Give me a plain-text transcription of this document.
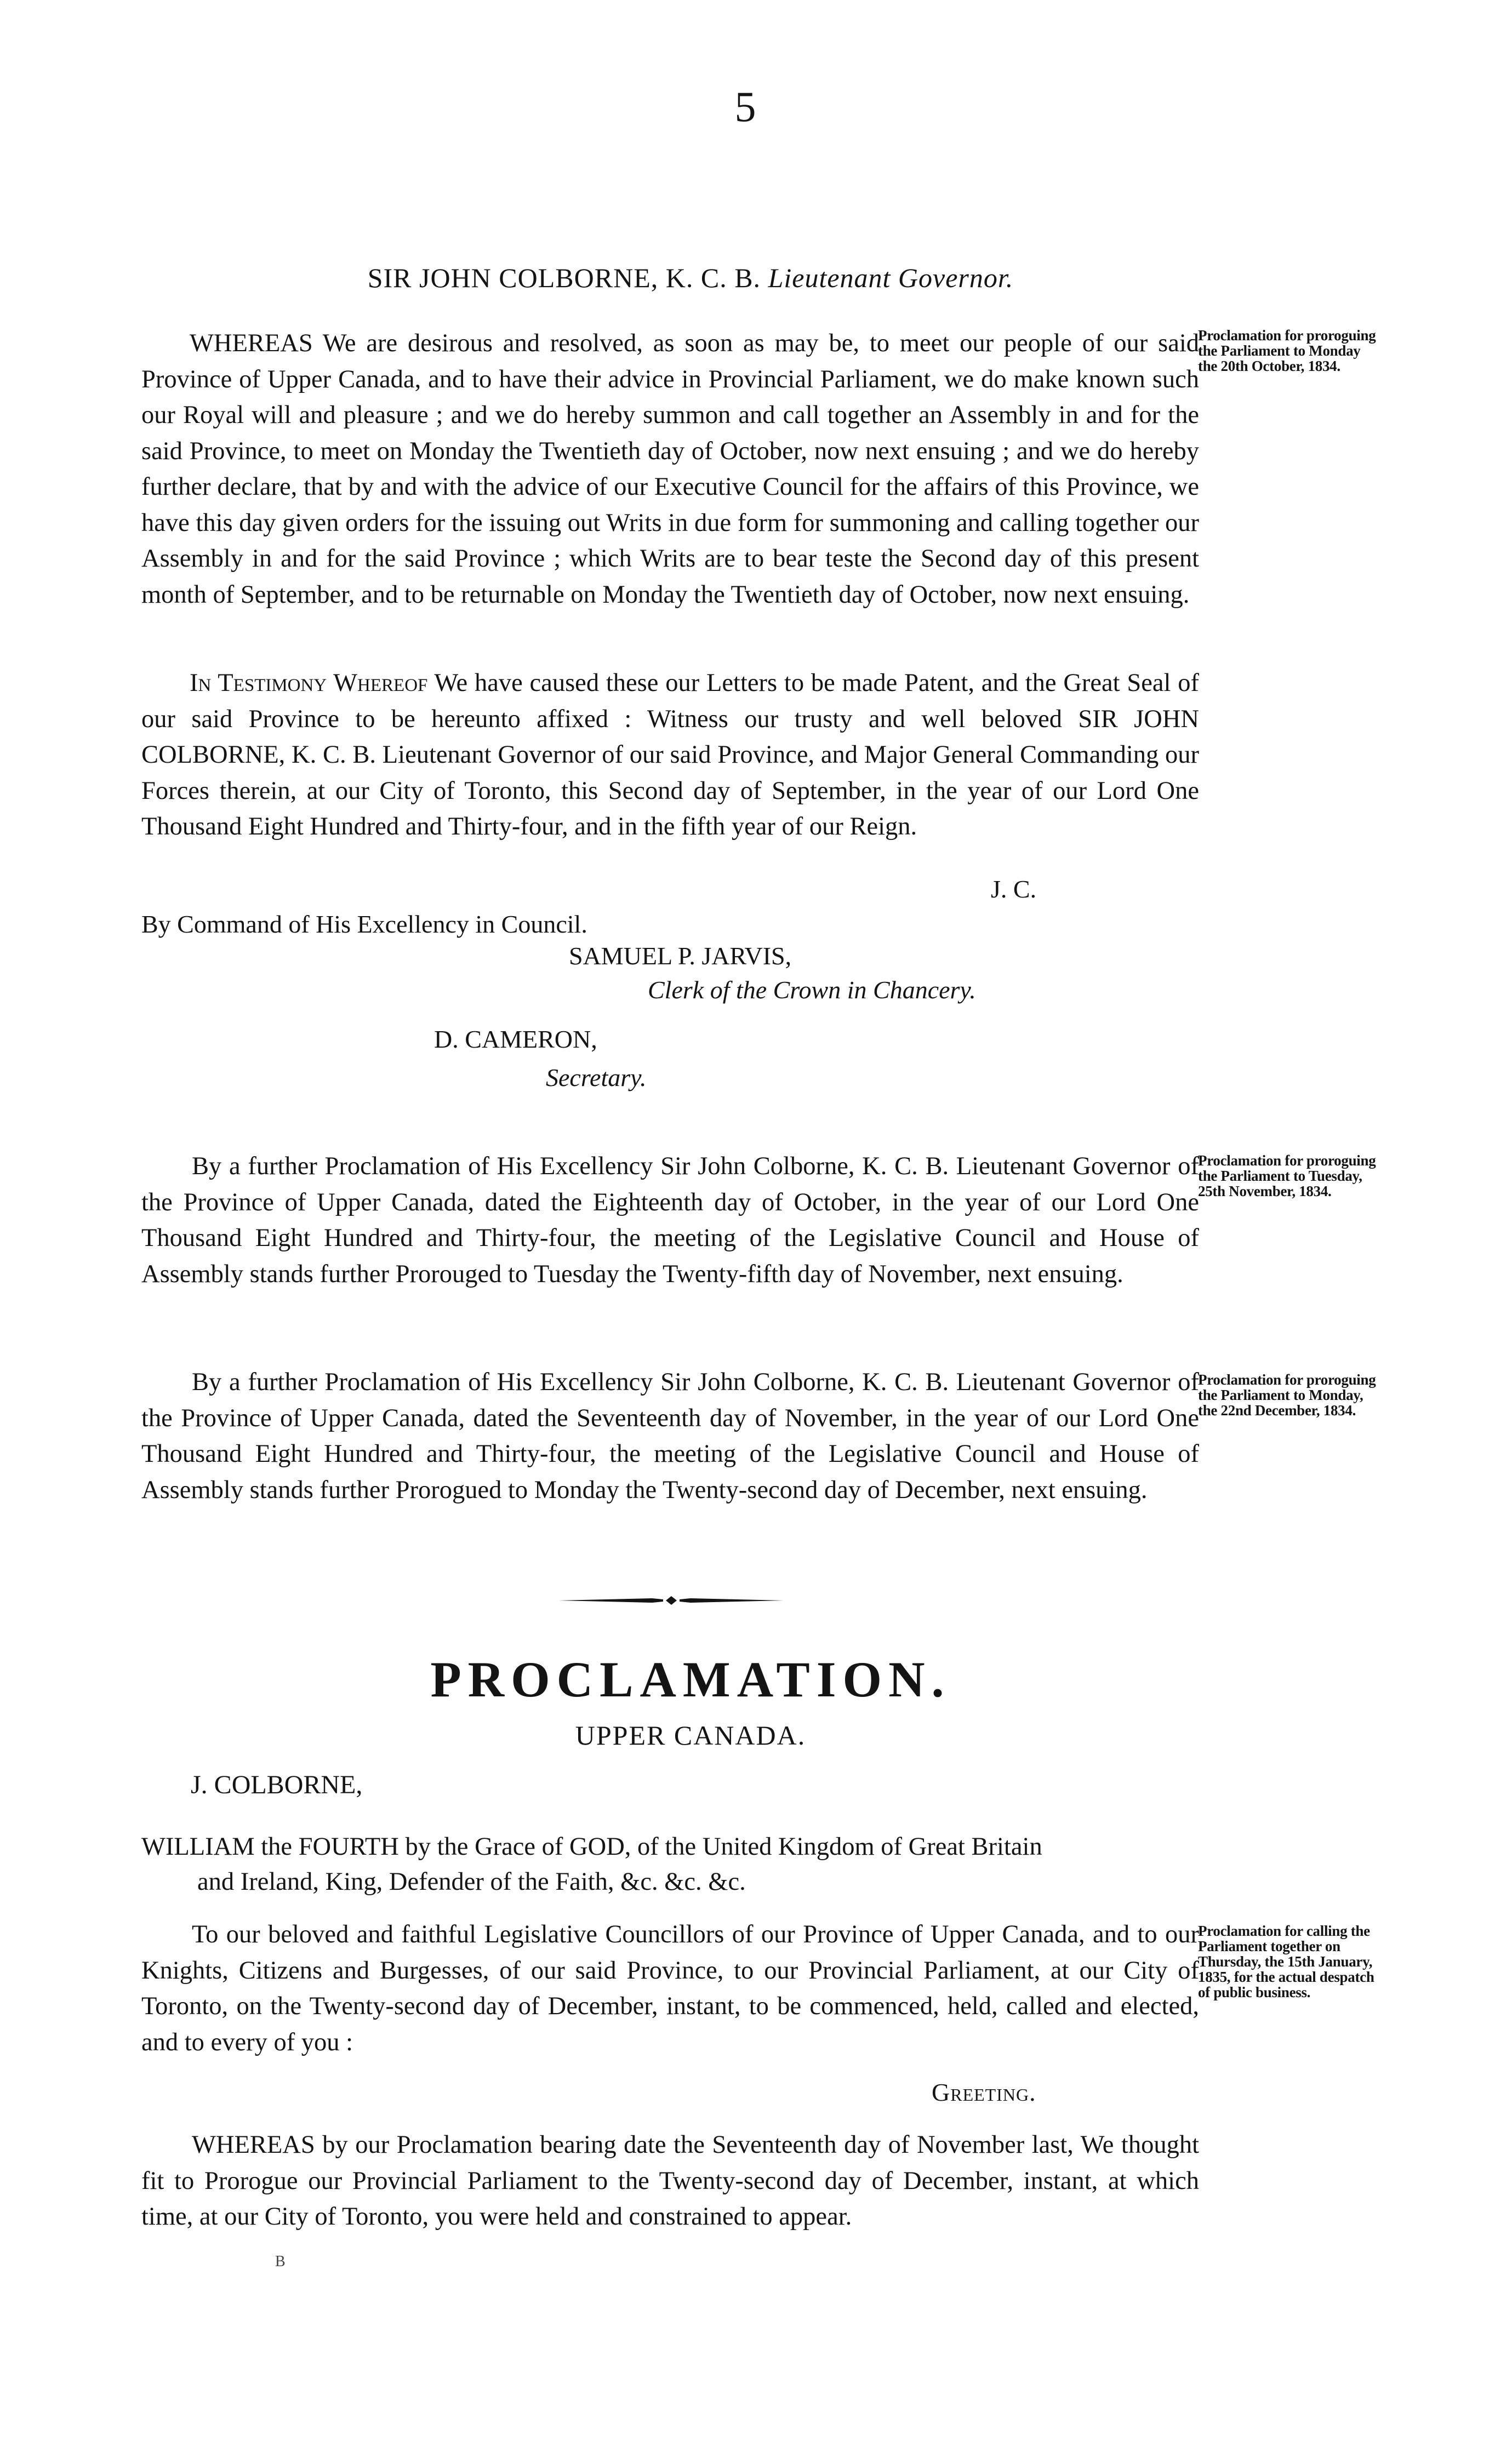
5
SIR JOHN COLBORNE, K. C. B. Lieutenant Governor.
WHEREAS We are desirous and resolved, as soon as may be, to meet our people of our said Province of Upper Canada, and to have their advice in Provincial Parliament, we do make known such our Royal will and pleasure ; and we do hereby summon and call together an Assembly in and for the said Province, to meet on Monday the Twentieth day of October, now next ensuing ; and we do hereby further declare, that by and with the advice of our Executive Council for the affairs of this Province, we have this day given orders for the issuing out Writs in due form for summoning and calling together our Assembly in and for the said Province ; which Writs are to bear teste the Second day of this present month of September, and to be returnable on Monday the Twentieth day of October, now next ensuing.
Proclamation for proroguing the Parliament to Monday the 20th October, 1834.
In Testimony Whereof We have caused these our Letters to be made Patent, and the Great Seal of our said Province to be hereunto affixed : Witness our trusty and well beloved SIR JOHN COLBORNE, K. C. B. Lieutenant Governor of our said Province, and Major General Commanding our Forces therein, at our City of Toronto, this Second day of September, in the year of our Lord One Thousand Eight Hundred and Thirty-four, and in the fifth year of our Reign.
J. C.
By Command of His Excellency in Council.
SAMUEL P. JARVIS,
Clerk of the Crown in Chancery.
D. CAMERON,
Secretary.
By a further Proclamation of His Excellency Sir John Colborne, K. C. B. Lieutenant Governor of the Province of Upper Canada, dated the Eighteenth day of October, in the year of our Lord One Thousand Eight Hundred and Thirty-four, the meeting of the Legislative Council and House of Assembly stands further Prorouged to Tuesday the Twenty-fifth day of November, next ensuing.
Proclamation for proroguing the Parliament to Tuesday, 25th November, 1834.
By a further Proclamation of His Excellency Sir John Colborne, K. C. B. Lieutenant Governor of the Province of Upper Canada, dated the Seventeenth day of November, in the year of our Lord One Thousand Eight Hundred and Thirty-four, the meeting of the Legislative Council and House of Assembly stands further Prorogued to Monday the Twenty-second day of December, next ensuing.
Proclamation for proroguing the Parliament to Monday, the 22nd December, 1834.
PROCLAMATION.
UPPER CANADA.
J. COLBORNE,
WILLIAM the FOURTH by the Grace of GOD, of the United Kingdom of Great Britain
and Ireland, King, Defender of the Faith, &c. &c. &c.
To our beloved and faithful Legislative Councillors of our Province of Upper Canada, and to our Knights, Citizens and Burgesses, of our said Province, to our Provincial Parliament, at our City of Toronto, on the Twenty-second day of December, instant, to be commenced, held, called and elected, and to every of you :
Proclamation for calling the Parliament together on Thursday, the 15th January, 1835, for the actual despatch of public business.
Greeting.
WHEREAS by our Proclamation bearing date the Seventeenth day of November last, We thought fit to Prorogue our Provincial Parliament to the Twenty-second day of December, instant, at which time, at our City of Toronto, you were held and constrained to appear.
B
